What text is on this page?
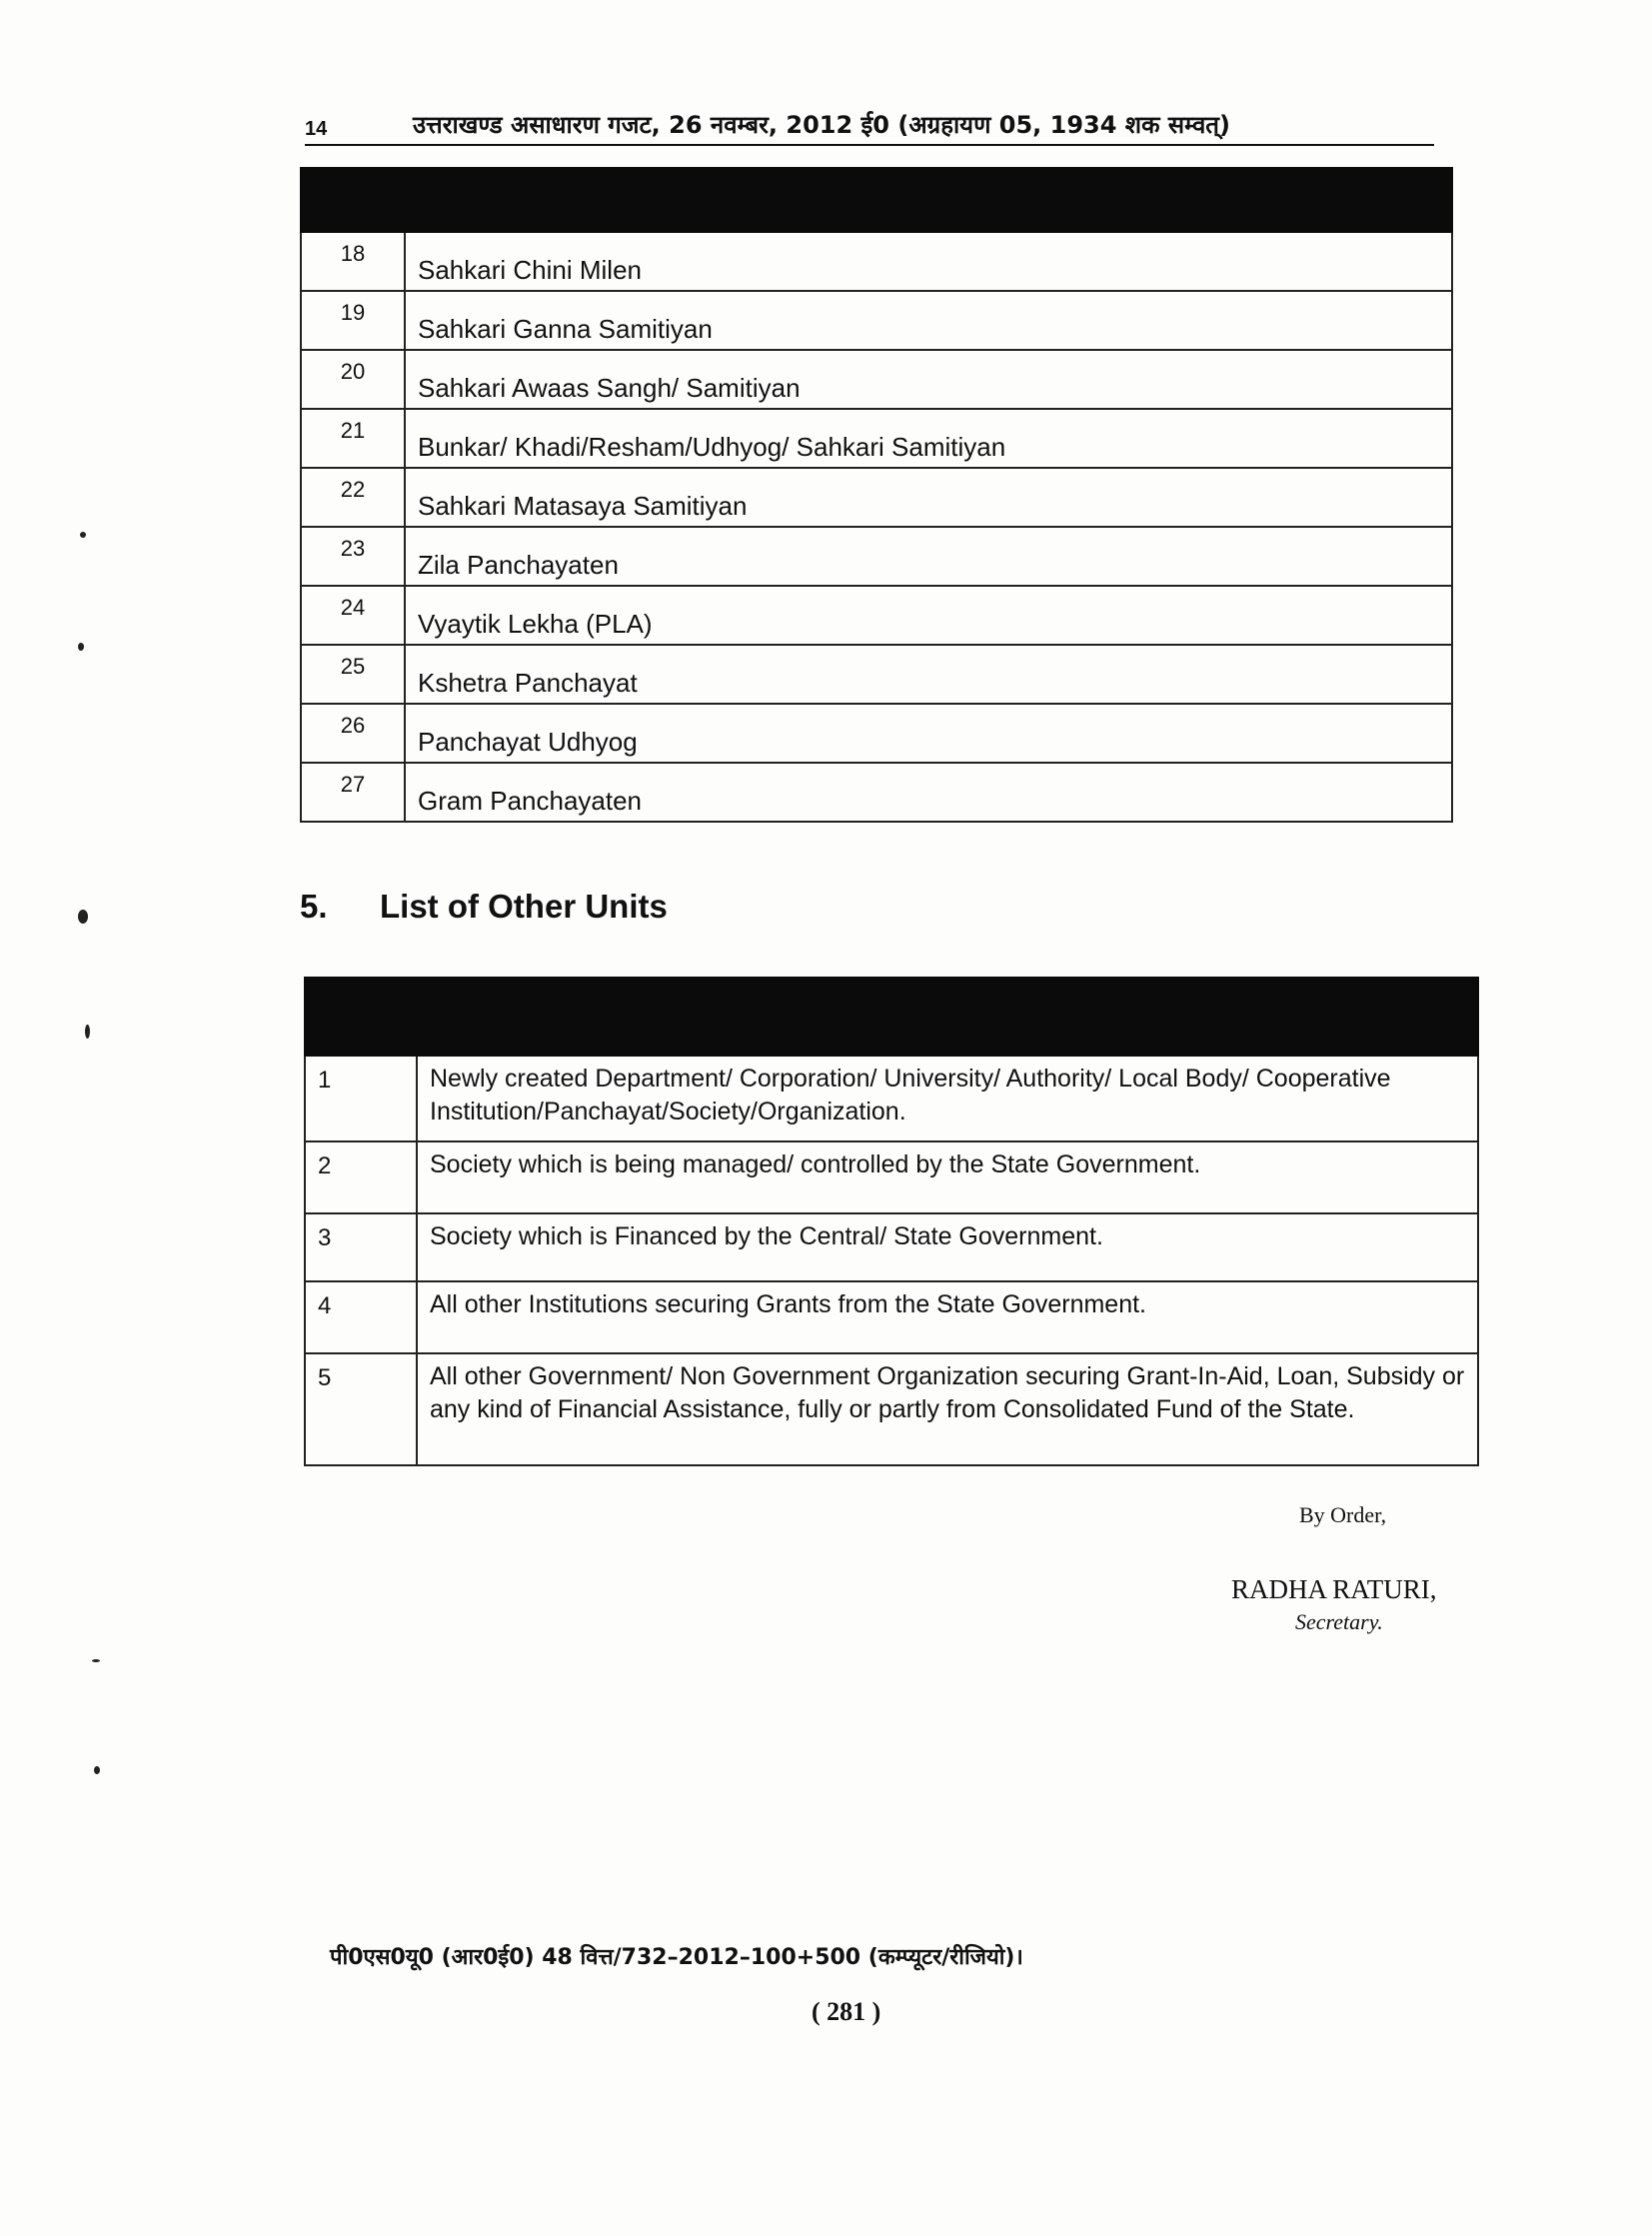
14	उत्तराखण्ड असाधारण गजट, 26 नवम्बर, 2012 ई0 (अग्रहायण 05, 1934 शक सम्वत्)

18	Sahkari Chini Milen

19	Sahkari Ganna Samitiyan

20	Sahkari Awaas Sangh/ Samitiyan

21	Bunkar/ Khadi/Resham/Udhyog/ Sahkari Samitiyan

22	Sahkari Matasaya Samitiyan

23	Zila Panchayaten

24	Vyaytik Lekha (PLA)

25	Kshetra Panchayat

26	Panchayat Udhyog

27	Gram Panchayaten
5. List of Other Units

1	Newly created Department/ Corporation/ University/ Authority/ Local Body/ Cooperative Institution/Panchayat/Society/Organization.

2	Society which is being managed/ controlled by the State Government.

3	Society which is Financed by the Central/ State Government.

4	All other Institutions securing Grants from the State Government.

5	All other Government/ Non Government Organization securing Grant-In-Aid, Loan, Subsidy or any kind of Financial Assistance, fully or partly from Consolidated Fund of the State.
By Order,
RADHA RATURI,
Secretary.
पी0एस0यू0 (आर0ई0) 48 वित्त/732–2012–100+500 (कम्प्यूटर/रीजियो)।
( 281 )
